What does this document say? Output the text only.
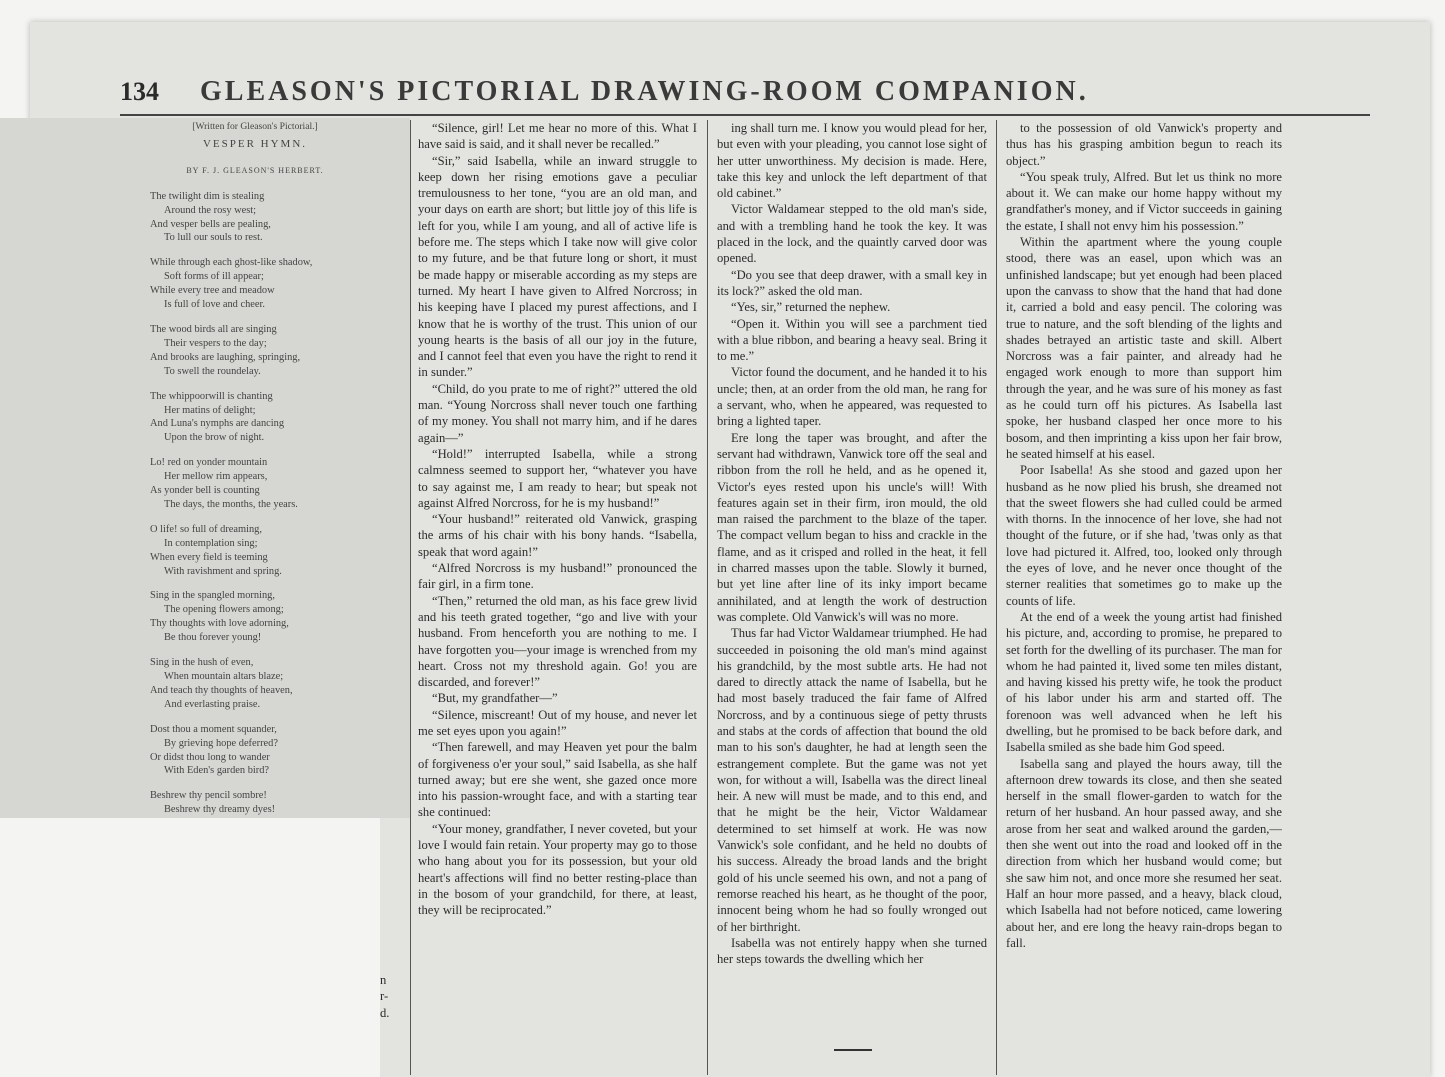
134	GLEASON'S PICTORIAL DRAWING-ROOM COMPANION.
[Written for Gleason's Pictorial.]
VESPER HYMN.
BY F. J. GLEASON'S HERBERT.
The twilight dim is stealing
Around the rosy west;
And vesper bells are pealing,
To lull our souls to rest.
While through each ghost-like shadow,
Soft forms of ill appear;
While every tree and meadow
Is full of love and cheer.
The wood birds all are singing
Their vespers to the day;
And brooks are laughing, springing,
To swell the roundelay.
The whippoorwill is chanting
Her matins of delight;
And Luna's nymphs are dancing
Upon the brow of night.
Lo! red on yonder mountain
Her mellow rim appears,
As yonder bell is counting
The days, the months, the years.
O life! so full of dreaming,
In contemplation sing;
When every field is teeming
With ravishment and spring.
Sing in the spangled morning,
The opening flowers among;
Thy thoughts with love adorning,
Be thou forever young!
Sing in the hush of even,
When mountain altars blaze;
And teach thy thoughts of heaven,
And everlasting praise.
Dost thou a moment squander,
By grieving hope deferred?
Or didst thou long to wander
With Eden's garden bird?
Beshrew thy pencil sombre!
Beshrew thy dreamy dyes!

“Silence, girl! Let me hear no more of this. What I have said is said, and it shall never be recalled.”

“Sir,” said Isabella, while an inward struggle to keep down her rising emotions gave a peculiar tremulousness to her tone, “you are an old man, and your days on earth are short; but little joy of this life is left for you, while I am young, and all of active life is before me. The steps which I take now will give color to my future, and be that future long or short, it must be made happy or miserable according as my steps are turned. My heart I have given to Alfred Norcross; in his keeping have I placed my purest affections, and I know that he is worthy of the trust. This union of our young hearts is the basis of all our joy in the future, and I cannot feel that even you have the right to rend it in sunder.”

“Child, do you prate to me of right?” uttered the old man. “Young Norcross shall never touch one farthing of my money. You shall not marry him, and if he dares again—”

“Hold!” interrupted Isabella, while a strong calmness seemed to support her, “whatever you have to say against me, I am ready to hear; but speak not against Alfred Norcross, for he is my husband!”

“Your husband!” reiterated old Vanwick, grasping the arms of his chair with his bony hands. “Isabella, speak that word again!”

“Alfred Norcross is my husband!” pronounced the fair girl, in a firm tone.

“Then,” returned the old man, as his face grew livid and his teeth grated together, “go and live with your husband. From henceforth you are nothing to me. I have forgotten you—your image is wrenched from my heart. Cross not my threshold again. Go! you are discarded, and forever!”

“But, my grandfather—”

“Silence, miscreant! Out of my house, and never let me set eyes upon you again!”

“Then farewell, and may Heaven yet pour the balm of forgiveness o'er your soul,” said Isabella, as she half turned away; but ere she went, she gazed once more into his passion-wrought face, and with a starting tear she continued:

“Your money, grandfather, I never coveted, but your love I would fain retain. Your property may go to those who hang about you for its possession, but your old heart's affections will find no better resting-place than in the bosom of your grandchild, for there, at least, they will be reciprocated.”

ing shall turn me. I know you would plead for her, but even with your pleading, you cannot lose sight of her utter unworthiness. My decision is made. Here, take this key and unlock the left department of that old cabinet.”

Victor Waldamear stepped to the old man's side, and with a trembling hand he took the key. It was placed in the lock, and the quaintly carved door was opened.

“Do you see that deep drawer, with a small key in its lock?” asked the old man.

“Yes, sir,” returned the nephew.

“Open it. Within you will see a parchment tied with a blue ribbon, and bearing a heavy seal. Bring it to me.”

Victor found the document, and he handed it to his uncle; then, at an order from the old man, he rang for a servant, who, when he appeared, was requested to bring a lighted taper.

Ere long the taper was brought, and after the servant had withdrawn, Vanwick tore off the seal and ribbon from the roll he held, and as he opened it, Victor's eyes rested upon his uncle's will! With features again set in their firm, iron mould, the old man raised the parchment to the blaze of the taper. The compact vellum began to hiss and crackle in the flame, and as it crisped and rolled in the heat, it fell in charred masses upon the table. Slowly it burned, but yet line after line of its inky import became annihilated, and at length the work of destruction was complete. Old Vanwick's will was no more.

Thus far had Victor Waldamear triumphed. He had succeeded in poisoning the old man's mind against his grandchild, by the most subtle arts. He had not dared to directly attack the name of Isabella, but he had most basely traduced the fair fame of Alfred Norcross, and by a continuous siege of petty thrusts and stabs at the cords of affection that bound the old man to his son's daughter, he had at length seen the estrangement complete. But the game was not yet won, for without a will, Isabella was the direct lineal heir. A new will must be made, and to this end, and that he might be the heir, Victor Waldamear determined to set himself at work. He was now Vanwick's sole confidant, and he held no doubts of his success. Already the broad lands and the bright gold of his uncle seemed his own, and not a pang of remorse reached his heart, as he thought of the poor, innocent being whom he had so foully wronged out of her birthright.

Isabella was not entirely happy when she turned her steps towards the dwelling which her

to the possession of old Vanwick's property and thus has his grasping ambition begun to reach its object.”

“You speak truly, Alfred. But let us think no more about it. We can make our home happy without my grandfather's money, and if Victor succeeds in gaining the estate, I shall not envy him his possession.”

Within the apartment where the young couple stood, there was an easel, upon which was an unfinished landscape; but yet enough had been placed upon the canvass to show that the hand that had done it, carried a bold and easy pencil. The coloring was true to nature, and the soft blending of the lights and shades betrayed an artistic taste and skill. Albert Norcross was a fair painter, and already had he engaged work enough to more than support him through the year, and he was sure of his money as fast as he could turn off his pictures. As Isabella last spoke, her husband clasped her once more to his bosom, and then imprinting a kiss upon her fair brow, he seated himself at his easel.

Poor Isabella! As she stood and gazed upon her husband as he now plied his brush, she dreamed not that the sweet flowers she had culled could be armed with thorns. In the innocence of her love, she had not thought of the future, or if she had, 'twas only as that love had pictured it. Alfred, too, looked only through the eyes of love, and he never once thought of the sterner realities that sometimes go to make up the counts of life.

At the end of a week the young artist had finished his picture, and, according to promise, he prepared to set forth for the dwelling of its purchaser. The man for whom he had painted it, lived some ten miles distant, and having kissed his pretty wife, he took the product of his labor under his arm and started off. The forenoon was well advanced when he left his dwelling, but he promised to be back before dark, and Isabella smiled as she bade him God speed.

Isabella sang and played the hours away, till the afternoon drew towards its close, and then she seated herself in the small flower-garden to watch for the return of her husband. An hour passed away, and she arose from her seat and walked around the garden,—then she went out into the road and looked off in the direction from which her husband would come; but she saw him not, and once more she resumed her seat. Half an hour more passed, and a heavy, black cloud, which Isabella had not before noticed, came lowering about her, and ere long the heavy rain-drops began to fall.

n
r-
d.
